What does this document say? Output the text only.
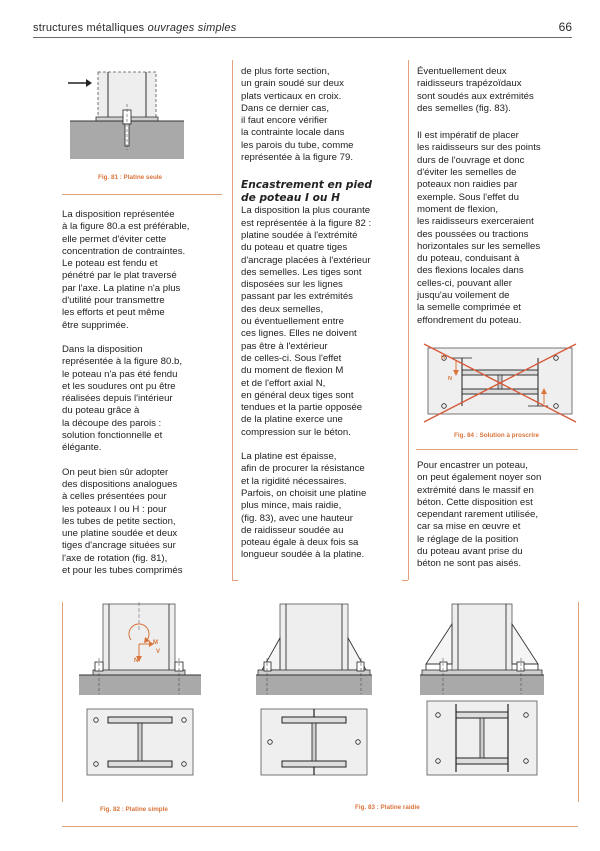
structures métalliques ouvrages simples	66
Fig. 81 : Platine seule

La disposition représentée
à la figure 80.a est préférable,
elle permet d'éviter cette
concentration de contraintes.
Le poteau est fendu et
pénétré par le plat traversé
par l'axe. La platine n'a plus
d'utilité pour transmettre
les efforts et peut même
être supprimée.

Dans la disposition
représentée à la figure 80.b,
le poteau n'a pas été fendu
et les soudures ont pu être
réalisées depuis l'intérieur
du poteau grâce à
la découpe des parois :
solution fonctionnelle et
élégante.

On peut bien sûr adopter
des dispositions analogues
à celles présentées pour
les poteaux I ou H : pour
les tubes de petite section,
une platine soudée et deux
tiges d'ancrage situées sur
l'axe de rotation (fig. 81),
et pour les tubes comprimés

de plus forte section,
un grain soudé sur deux
plats verticaux en croix.
Dans ce dernier cas,
il faut encore vérifier
la contrainte locale dans
les parois du tube, comme
représentée à la figure 79.

Encastrement en pied
de poteau I ou H

La disposition la plus courante
est représentée à la figure 82 :
platine soudée à l'extrémité
du poteau et quatre tiges
d'ancrage placées à l'extérieur
des semelles. Les tiges sont
disposées sur les lignes
passant par les extrémités
des deux semelles,
ou éventuellement entre
ces lignes. Elles ne doivent
pas être à l'extérieur
de celles-ci. Sous l'effet
du moment de flexion M
et de l'effort axial N,
en général deux tiges sont
tendues et la partie opposée
de la platine exerce une
compression sur le béton.

La platine est épaisse,
afin de procurer la résistance
et la rigidité nécessaires.
Parfois, on choisit une platine
plus mince, mais raidie,
(fig. 83), avec une hauteur
de raidisseur soudée au
poteau égale à deux fois sa
longueur soudée à la platine.

Éventuellement deux
raidisseurs trapézoïdaux
sont soudés aux extrémités
des semelles (fig. 83).

Il est impératif de placer
les raidisseurs sur des points
durs de l'ouvrage et donc
d'éviter les semelles de
poteaux non raidies par
exemple. Sous l'effet du
moment de flexion,
les raidisseurs exerceraient
des poussées ou tractions
horizontales sur les semelles
du poteau, conduisant à
des flexions locales dans
celles-ci, pouvant aller
jusqu'au voilement de
la semelle comprimée et
effondrement du poteau.

H
N
Fig. 84 : Solution à proscrire

Pour encastrer un poteau,
on peut également noyer son
extrémité dans le massif en
béton. Cette disposition est
cependant rarement utilisée,
car sa mise en œuvre et
le réglage de la position
du poteau avant prise du
béton ne sont pas aisés.

M
V
N
Fig. 82 : Platine simple	Fig. 83 : Platine raidie
